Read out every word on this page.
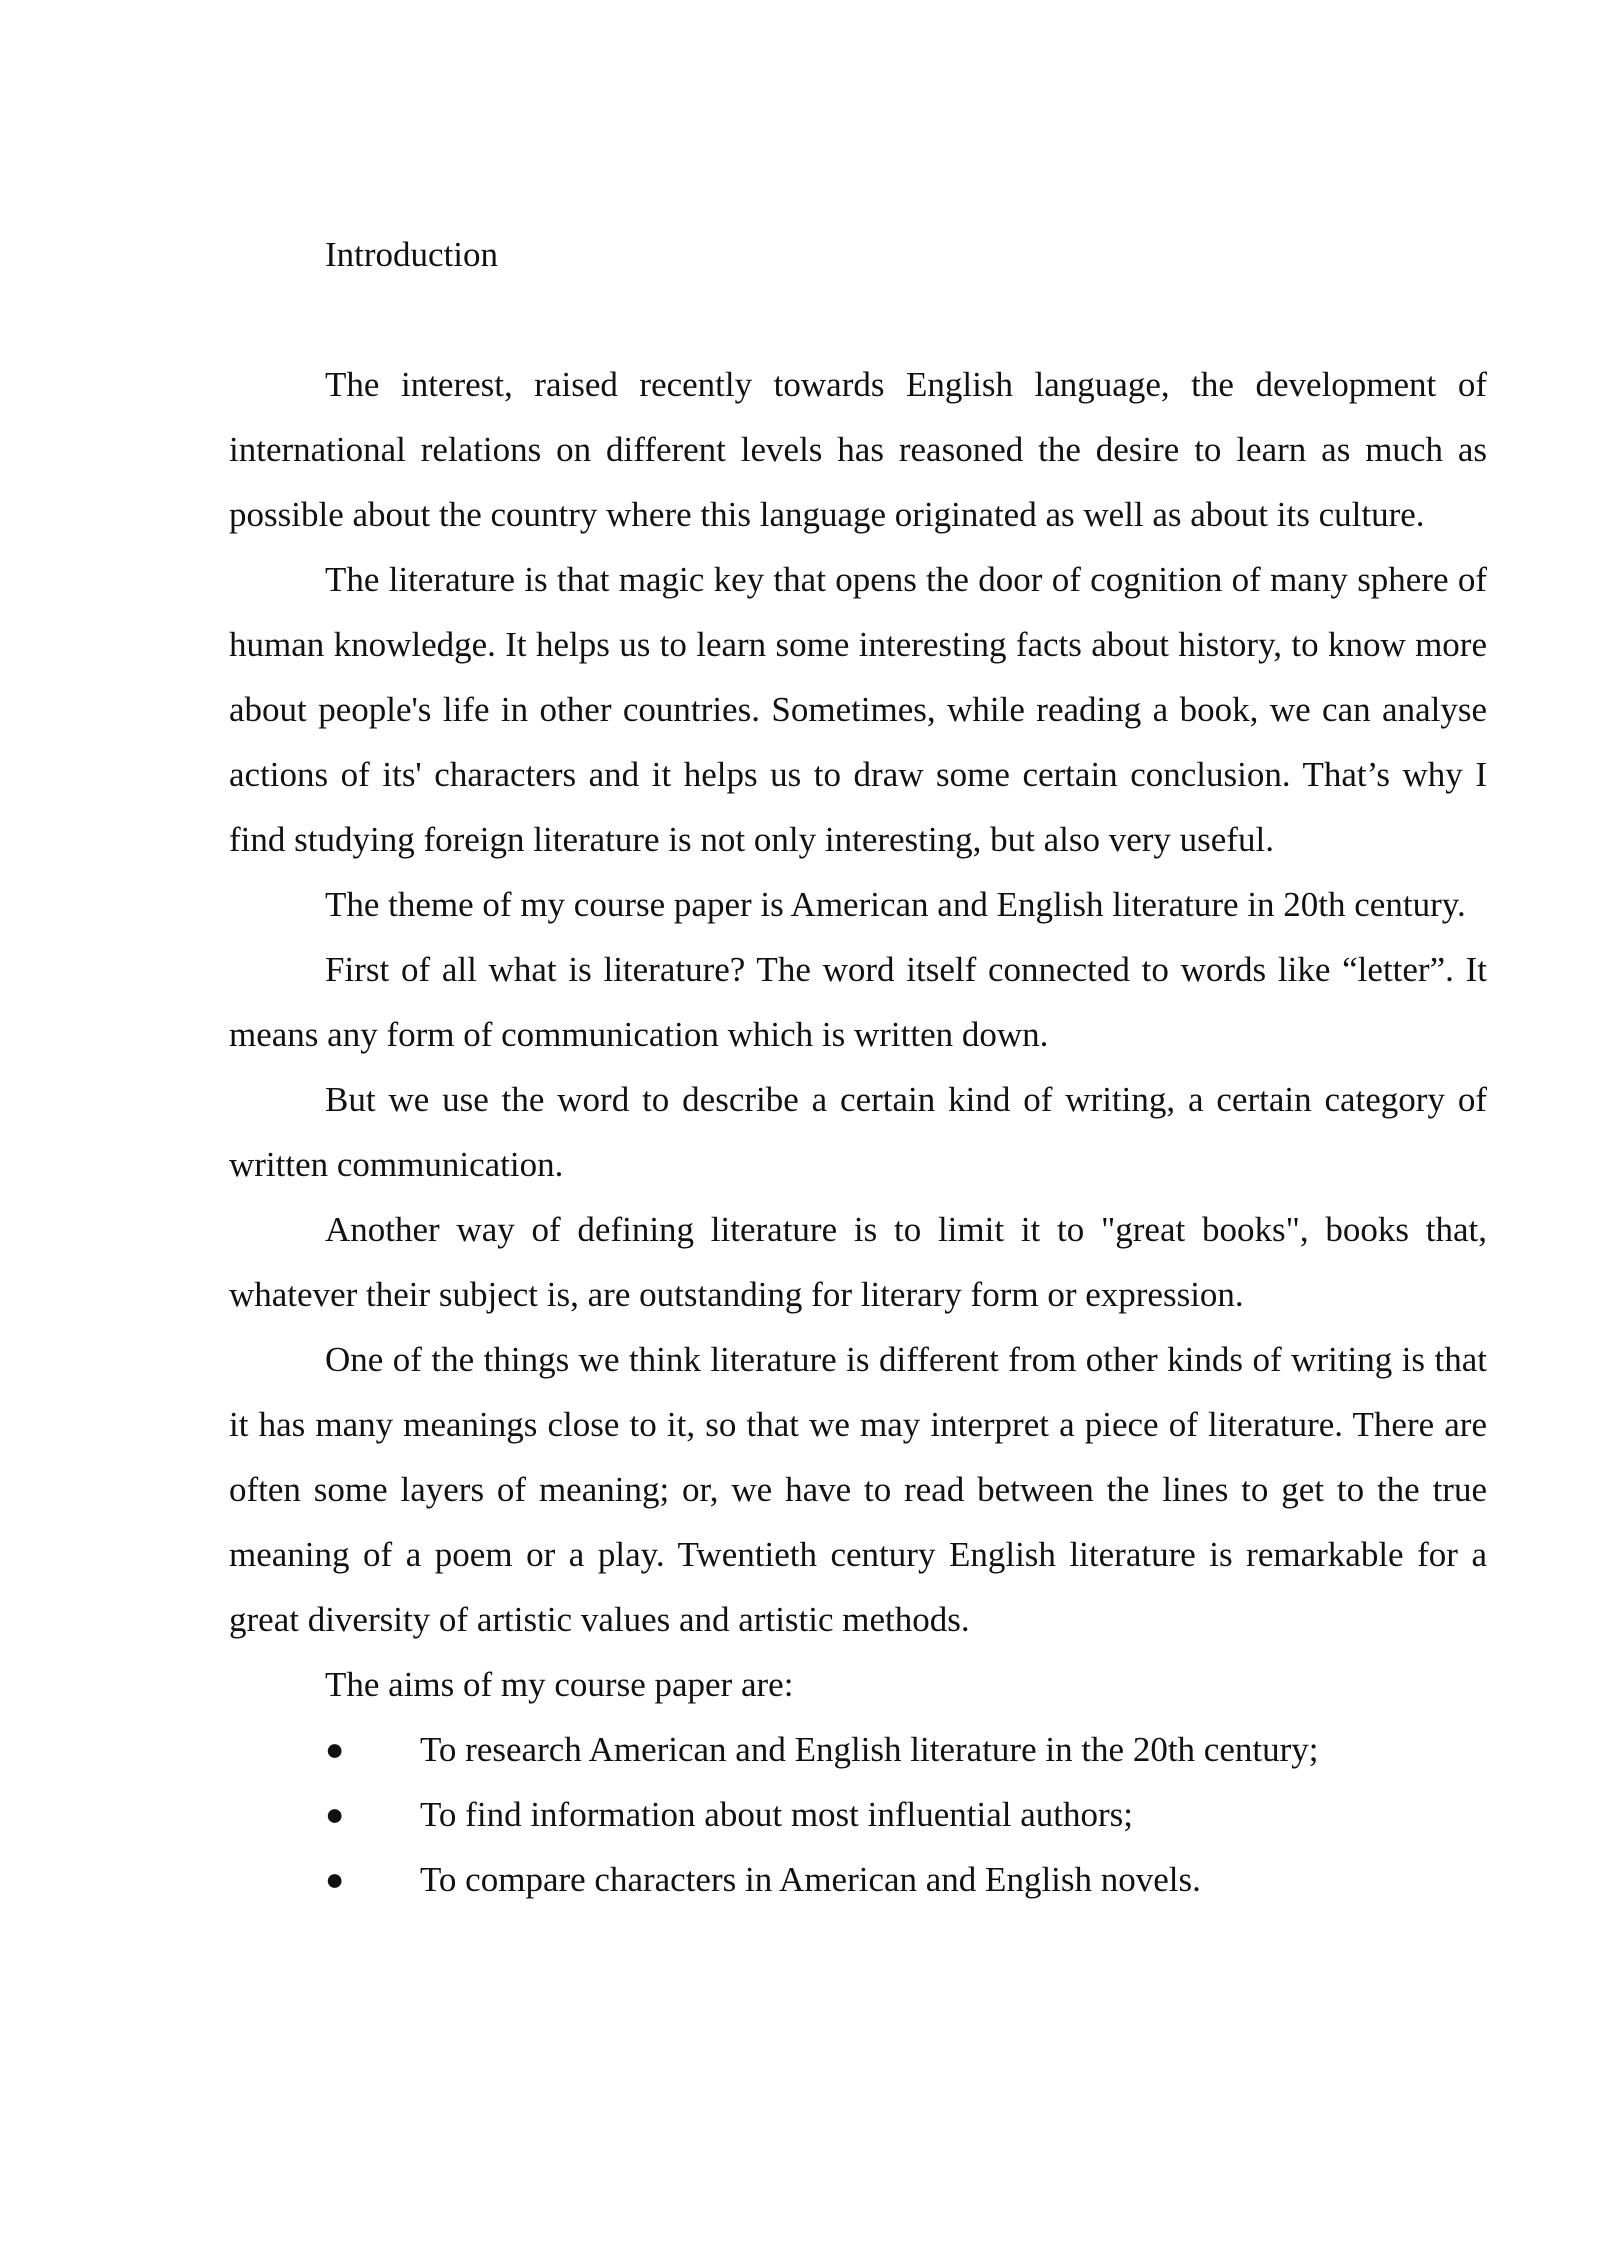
Introduction

The interest, raised recently towards English language, the development of international relations on different levels has reasoned the desire to learn as much as possible about the country where this language originated as well as about its culture.

The literature is that magic key that opens the door of cognition of many sphere of human knowledge. It helps us to learn some interesting facts about history, to know more about people's life in other countries. Sometimes, while reading a book, we can analyse actions of its' characters and it helps us to draw some certain conclusion. That’s why I find studying foreign literature is not only interesting, but also very useful.

The theme of my course paper is American and English literature in 20th century.

First of all what is literature? The word itself connected to words like “letter”. It means any form of communication which is written down.

But we use the word to describe a certain kind of writing, a certain category of written communication.

Another way of defining literature is to limit it to "great books", books that, whatever their subject is, are outstanding for literary form or expression.

One of the things we think literature is different from other kinds of writing is that it has many meanings close to it, so that we may interpret a piece of literature. There are often some layers of meaning; or, we have to read between the lines to get to the true meaning of a poem or a play. Twentieth century English literature is remarkable for a great diversity of artistic values and artistic methods.

The aims of my course paper are:

●	To research American and English literature in the 20th century;
●	To find information about most influential authors;
●	To compare characters in American and English novels.
